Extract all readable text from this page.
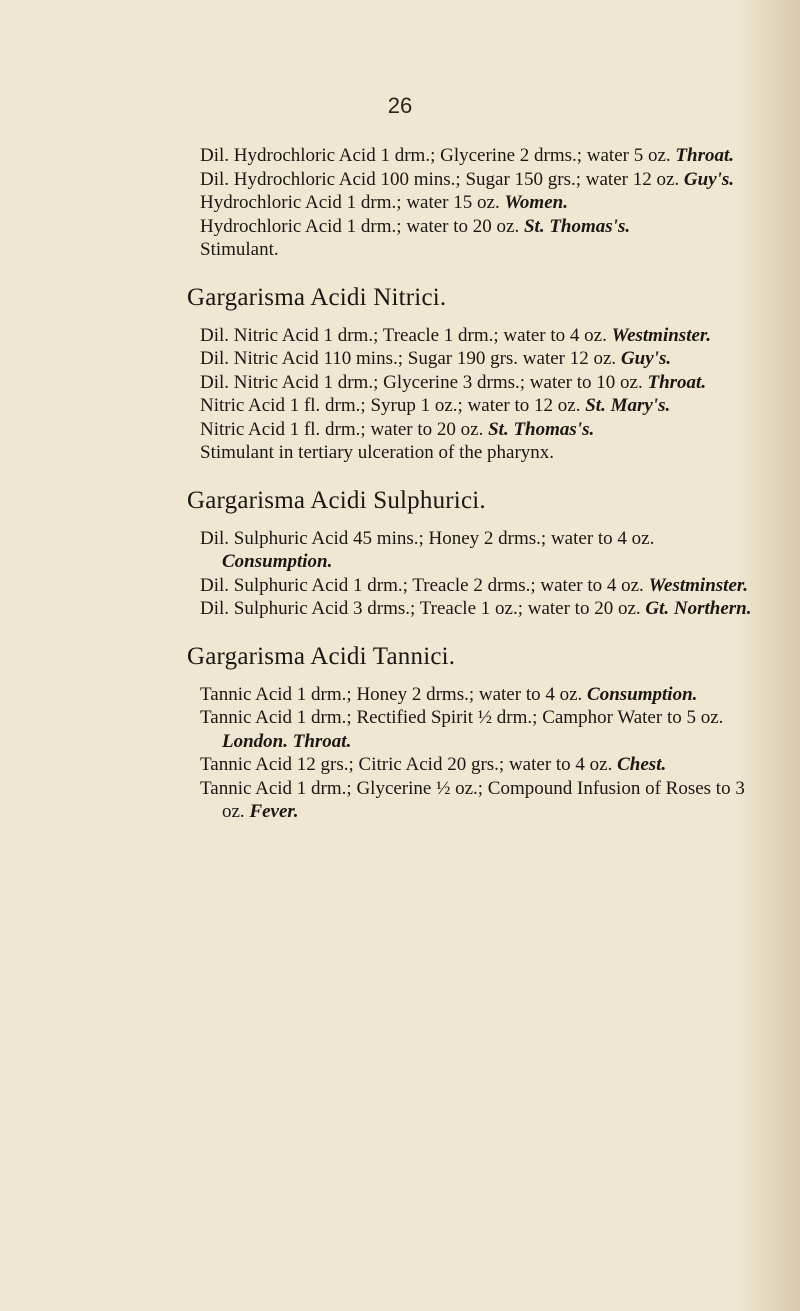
26

Dil. Hydrochloric Acid 1 drm.; Glycerine 2 drms.; water 5 oz. Throat.

Dil. Hydrochloric Acid 100 mins.; Sugar 150 grs.; water 12 oz. Guy's.

Hydrochloric Acid 1 drm.; water 15 oz. Women.

Hydrochloric Acid 1 drm.; water to 20 oz. St. Thomas's.

Stimulant.

Gargarisma Acidi Nitrici.

Dil. Nitric Acid 1 drm.; Treacle 1 drm.; water to 4 oz. Westminster.

Dil. Nitric Acid 110 mins.; Sugar 190 grs. water 12 oz. Guy's.

Dil. Nitric Acid 1 drm.; Glycerine 3 drms.; water to 10 oz. Throat.

Nitric Acid 1 fl. drm.; Syrup 1 oz.; water to 12 oz. St. Mary's.

Nitric Acid 1 fl. drm.; water to 20 oz. St. Thomas's.

Stimulant in tertiary ulceration of the pharynx.

Gargarisma Acidi Sulphurici.

Dil. Sulphuric Acid 45 mins.; Honey 2 drms.; water to 4 oz. Consumption.

Dil. Sulphuric Acid 1 drm.; Treacle 2 drms.; water to 4 oz. Westminster.

Dil. Sulphuric Acid 3 drms.; Treacle 1 oz.; water to 20 oz. Gt. Northern.

Gargarisma Acidi Tannici.

Tannic Acid 1 drm.; Honey 2 drms.; water to 4 oz. Consumption.

Tannic Acid 1 drm.; Rectified Spirit ½ drm.; Camphor Water to 5 oz. London. Throat.

Tannic Acid 12 grs.; Citric Acid 20 grs.; water to 4 oz. Chest.

Tannic Acid 1 drm.; Glycerine ½ oz.; Compound Infusion of Roses to 3 oz. Fever.
